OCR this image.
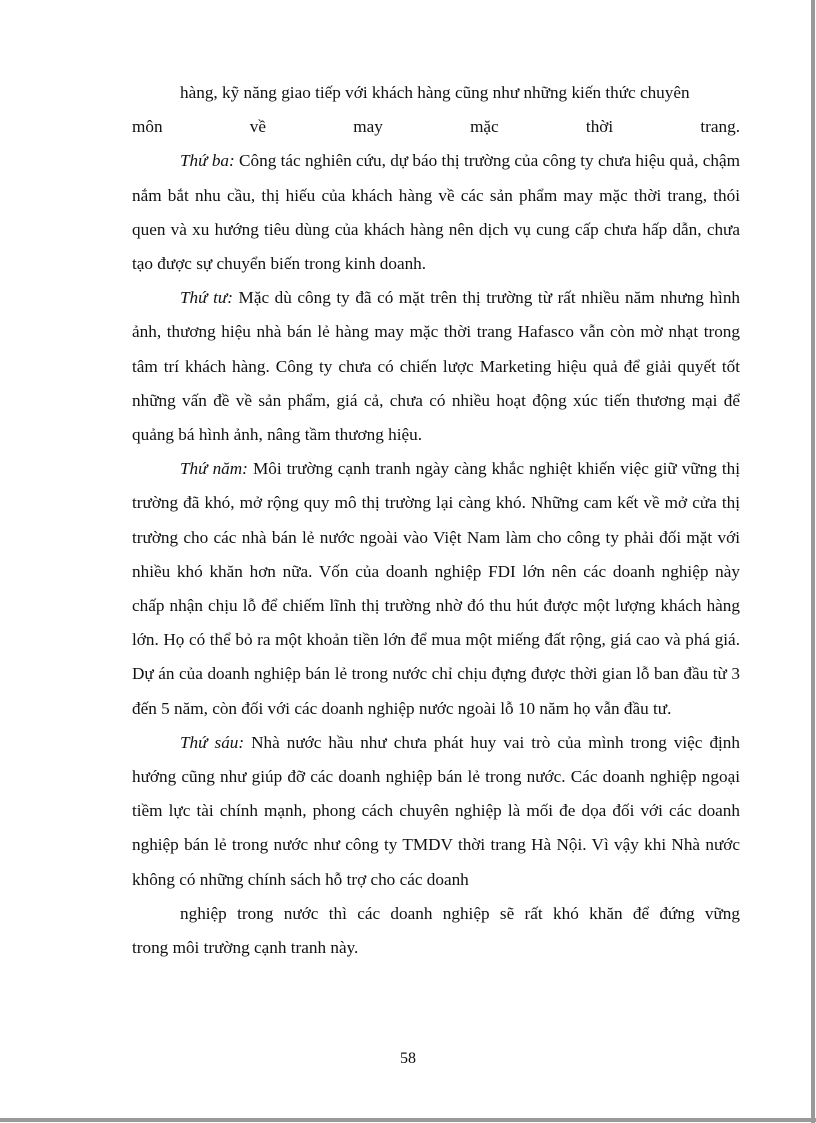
hàng, kỹ năng giao tiếp với khách hàng cũng như những kiến thức chuyên

môn về may mặc thời trang.

Thứ ba: Công tác nghiên cứu, dự báo thị trường của công ty chưa hiệu quả, chậm nắm bắt nhu cầu, thị hiếu của khách hàng về các sản phẩm may mặc thời trang, thói quen và xu hướng tiêu dùng của khách hàng nên dịch vụ cung cấp chưa hấp dẫn, chưa tạo được sự chuyển biến trong kinh doanh.

Thứ tư: Mặc dù công ty đã có mặt trên thị trường từ rất nhiều năm nhưng hình ảnh, thương hiệu nhà bán lẻ hàng may mặc thời trang Hafasco vẫn còn mờ nhạt trong tâm trí khách hàng. Công ty chưa có chiến lược Marketing hiệu quả để giải quyết tốt những vấn đề về sản phẩm, giá cả, chưa có nhiều hoạt động xúc tiến thương mại để quảng bá hình ảnh, nâng tầm thương hiệu.

Thứ năm: Môi trường cạnh tranh ngày càng khắc nghiệt khiến việc giữ vững thị trường đã khó, mở rộng quy mô thị trường lại càng khó. Những cam kết về mở cửa thị trường cho các nhà bán lẻ nước ngoài vào Việt Nam làm cho công ty phải đối mặt với nhiều khó khăn hơn nữa. Vốn của doanh nghiệp FDI lớn nên các doanh nghiệp này chấp nhận chịu lỗ để chiếm lĩnh thị trường nhờ đó thu hút được một lượng khách hàng lớn. Họ có thể bỏ ra một khoản tiền lớn để mua một miếng đất rộng, giá cao và phá giá. Dự án của doanh nghiệp bán lẻ trong nước chỉ chịu đựng được thời gian lỗ ban đầu từ 3 đến 5 năm, còn đối với các doanh nghiệp nước ngoài lỗ 10 năm họ vẫn đầu tư.

Thứ sáu: Nhà nước hầu như chưa phát huy vai trò của mình trong việc định hướng cũng như giúp đỡ các doanh nghiệp bán lẻ trong nước. Các doanh nghiệp ngoại tiềm lực tài chính mạnh, phong cách chuyên nghiệp là mối đe dọa đối với các doanh nghiệp bán lẻ trong nước như công ty TMDV thời trang Hà Nội. Vì vậy khi Nhà nước không có những chính sách hỗ trợ cho các doanh

nghiệp trong nước thì các doanh nghiệp sẽ rất khó khăn để đứng vững

trong môi trường cạnh tranh này.

58
